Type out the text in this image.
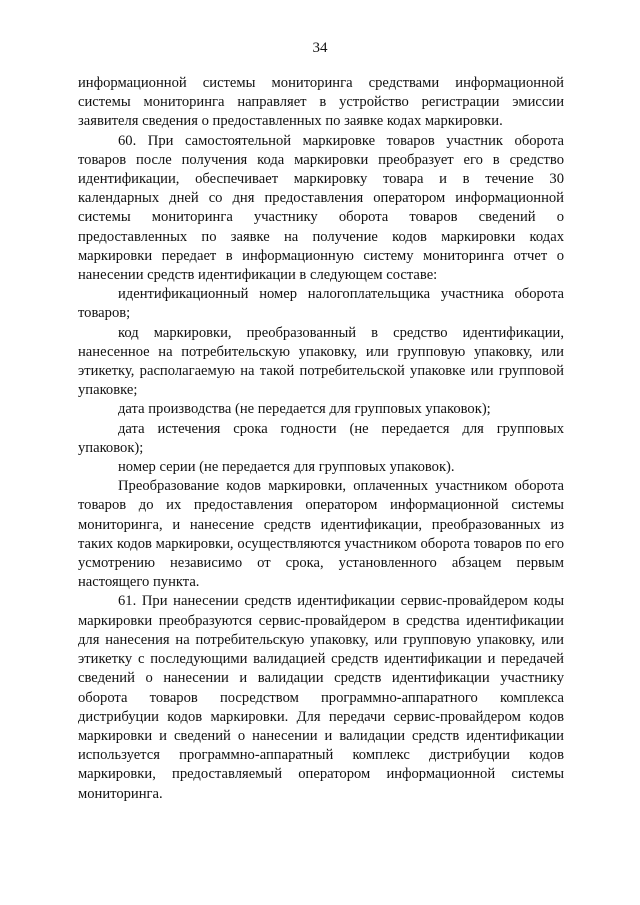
34

информационной системы мониторинга средствами информационной системы мониторинга направляет в устройство регистрации эмиссии заявителя сведения о предоставленных по заявке кодах маркировки.

60. При самостоятельной маркировке товаров участник оборота товаров после получения кода маркировки преобразует его в средство идентификации, обеспечивает маркировку товара и в течение 30 календарных дней со дня предоставления оператором информационной системы мониторинга участнику оборота товаров сведений о предоставленных по заявке на получение кодов маркировки кодах маркировки передает в информационную систему мониторинга отчет о нанесении средств идентификации в следующем составе:

идентификационный номер налогоплательщика участника оборота товаров;

код маркировки, преобразованный в средство идентификации, нанесенное на потребительскую упаковку, или групповую упаковку, или этикетку, располагаемую на такой потребительской упаковке или групповой упаковке;

дата производства (не передается для групповых упаковок);

дата истечения срока годности (не передается для групповых упаковок);

номер серии (не передается для групповых упаковок).

Преобразование кодов маркировки, оплаченных участником оборота товаров до их предоставления оператором информационной системы мониторинга, и нанесение средств идентификации, преобразованных из таких кодов маркировки, осуществляются участником оборота товаров по его усмотрению независимо от срока, установленного абзацем первым настоящего пункта.

61. При нанесении средств идентификации сервис-провайдером коды маркировки преобразуются сервис-провайдером в средства идентификации для нанесения на потребительскую упаковку, или групповую упаковку, или этикетку с последующими валидацией средств идентификации и передачей сведений о нанесении и валидации средств идентификации участнику оборота товаров посредством программно-аппаратного комплекса дистрибуции кодов маркировки. Для передачи сервис-провайдером кодов маркировки и сведений о нанесении и валидации средств идентификации используется программно-аппаратный комплекс дистрибуции кодов маркировки, предоставляемый оператором информационной системы мониторинга.
